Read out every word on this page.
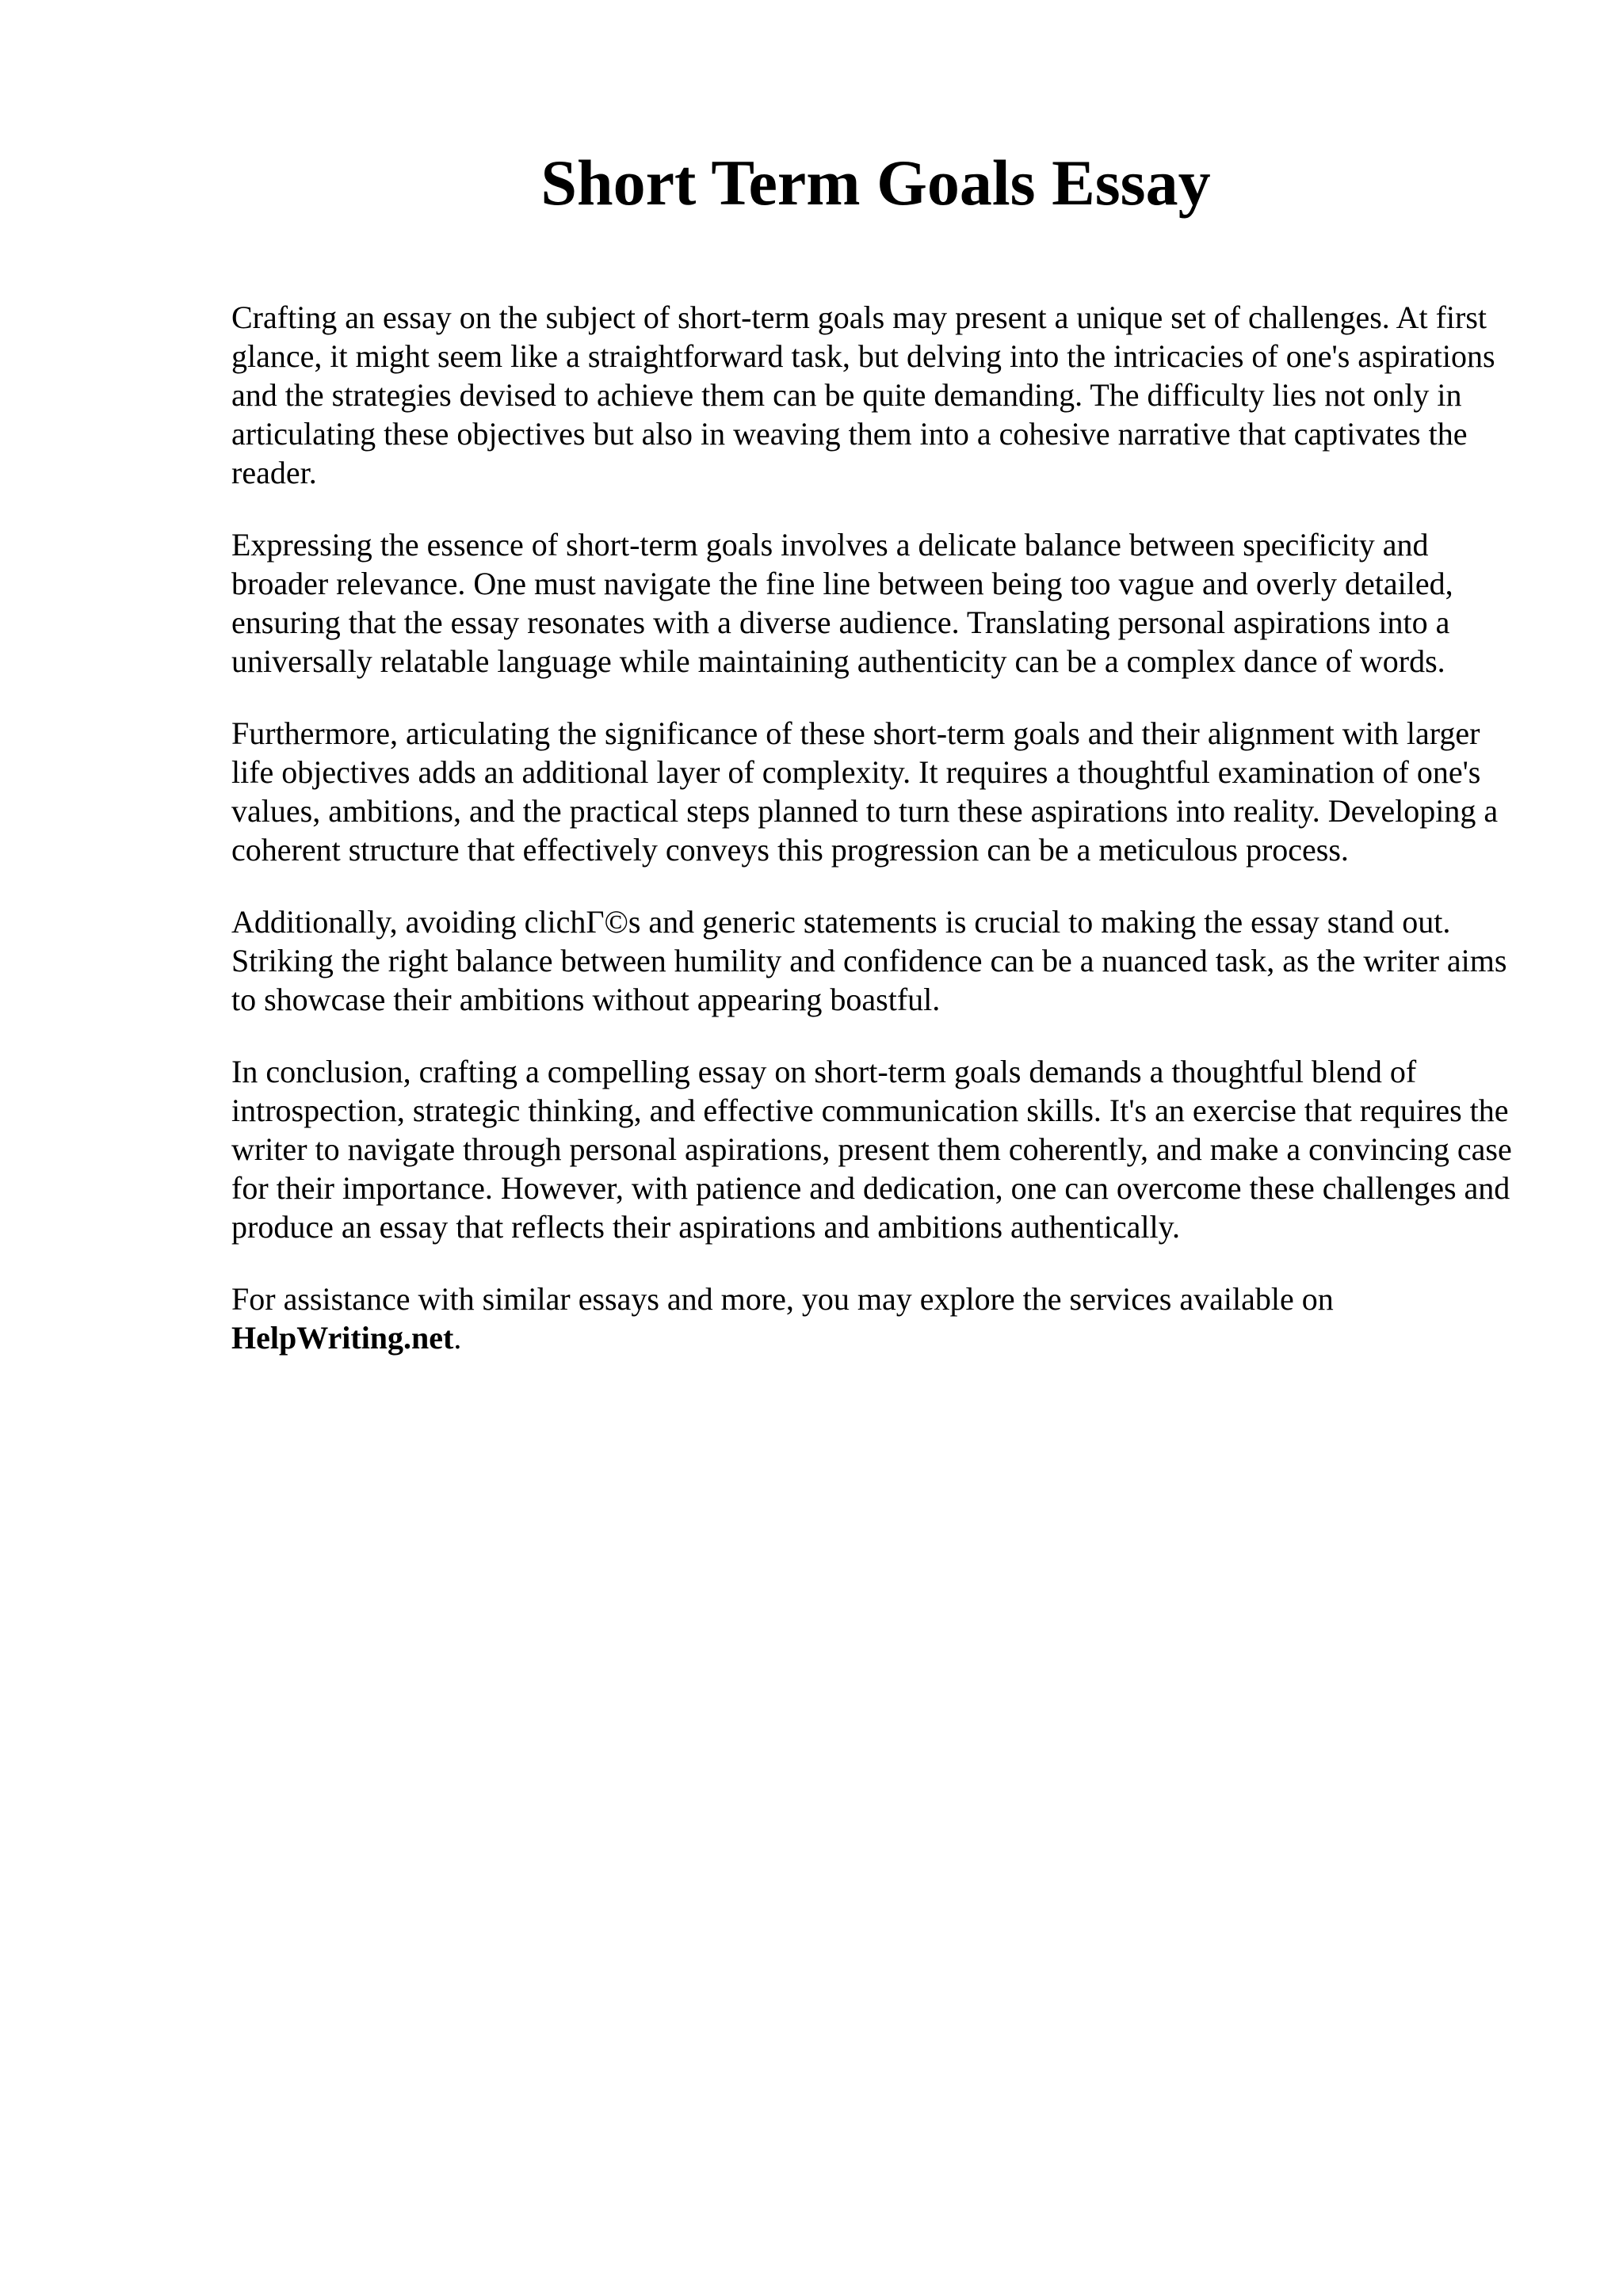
Short Term Goals Essay

Crafting an essay on the subject of short-term goals may present a unique set of challenges. At first glance, it might seem like a straightforward task, but delving into the intricacies of one's aspirations and the strategies devised to achieve them can be quite demanding. The difficulty lies not only in articulating these objectives but also in weaving them into a cohesive narrative that captivates the reader.

Expressing the essence of short-term goals involves a delicate balance between specificity and broader relevance. One must navigate the fine line between being too vague and overly detailed, ensuring that the essay resonates with a diverse audience. Translating personal aspirations into a universally relatable language while maintaining authenticity can be a complex dance of words.

Furthermore, articulating the significance of these short-term goals and their alignment with larger life objectives adds an additional layer of complexity. It requires a thoughtful examination of one's values, ambitions, and the practical steps planned to turn these aspirations into reality. Developing a coherent structure that effectively conveys this progression can be a meticulous process.

Additionally, avoiding clichΓ©s and generic statements is crucial to making the essay stand out. Striking the right balance between humility and confidence can be a nuanced task, as the writer aims to showcase their ambitions without appearing boastful.

In conclusion, crafting a compelling essay on short-term goals demands a thoughtful blend of introspection, strategic thinking, and effective communication skills. It's an exercise that requires the writer to navigate through personal aspirations, present them coherently, and make a convincing case for their importance. However, with patience and dedication, one can overcome these challenges and produce an essay that reflects their aspirations and ambitions authentically.

For assistance with similar essays and more, you may explore the services available on HelpWriting.net.
